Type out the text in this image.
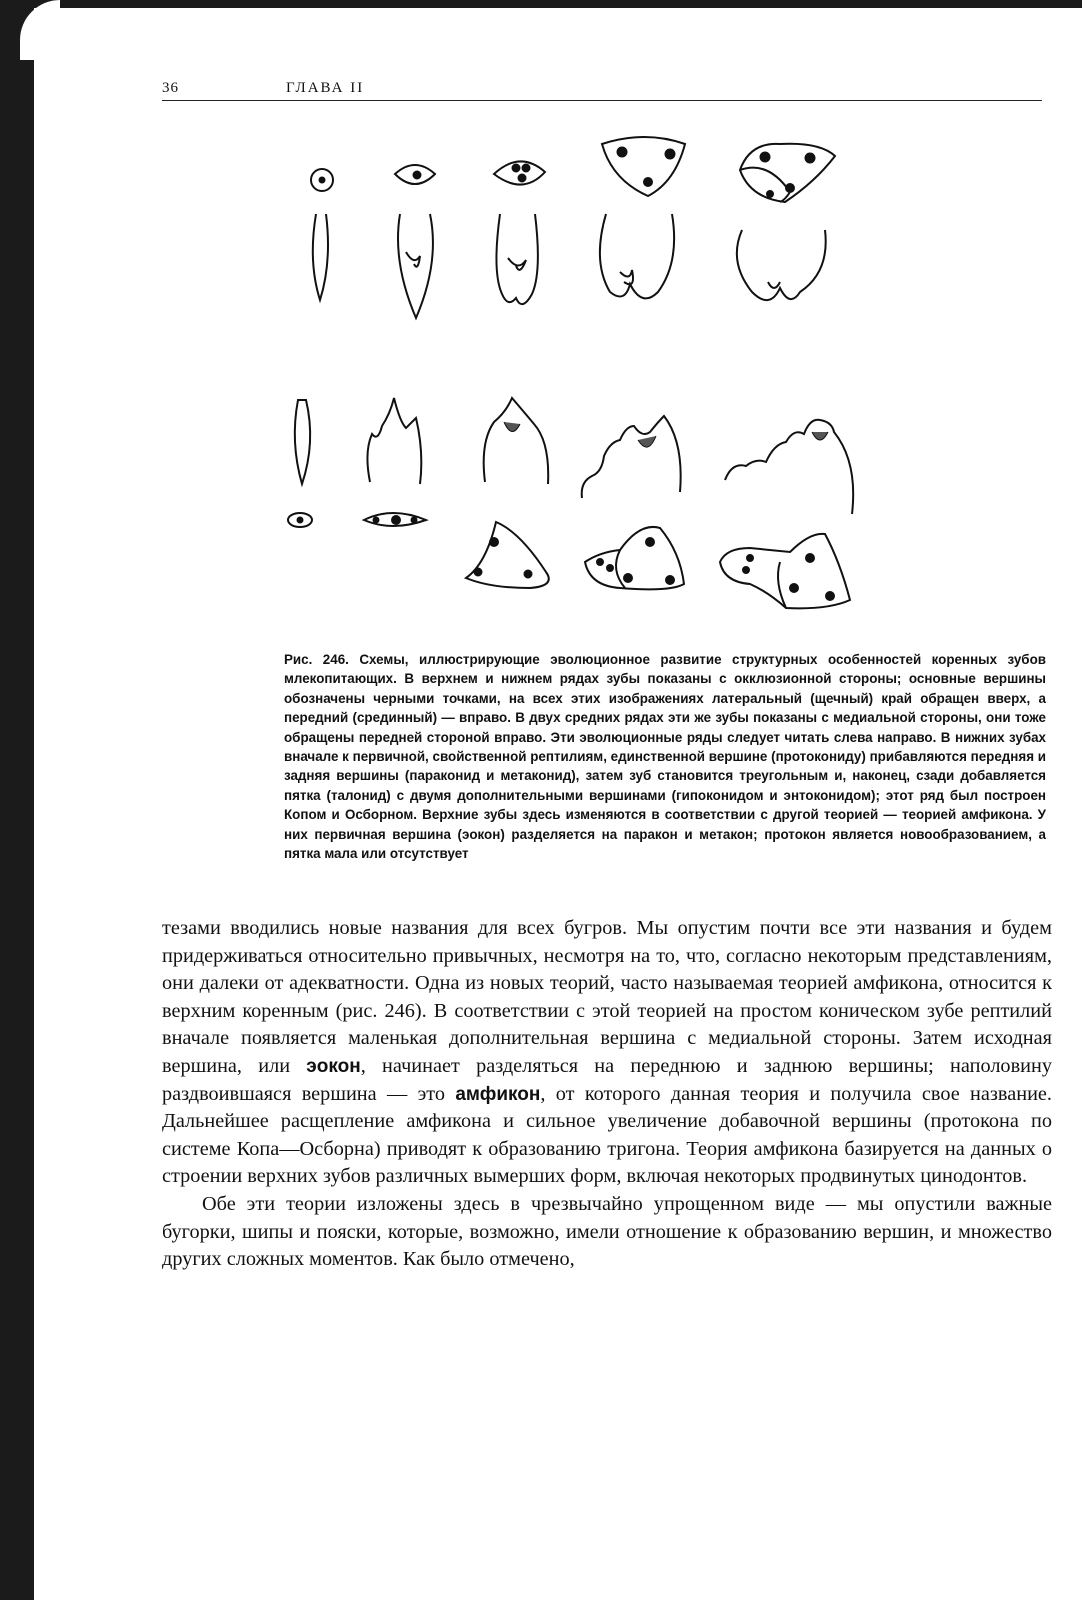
36	ГЛАВА II
Рис. 246. Схемы, иллюстрирующие эволюционное развитие структурных особенностей коренных зубов млекопитающих. В верхнем и нижнем рядах зубы показаны с окклюзионной стороны; основные вершины обозначены черными точками, на всех этих изображениях латеральный (щечный) край обращен вверх, а передний (срединный) — вправо. В двух средних рядах эти же зубы показаны с медиальной стороны, они тоже обращены передней стороной вправо. Эти эволюционные ряды следует читать слева направо. В нижних зубах вначале к первичной, свойственной рептилиям, единственной вершине (протокониду) прибавляются передняя и задняя вершины (параконид и метаконид), затем зуб становится треугольным и, наконец, сзади добавляется пятка (талонид) с двумя дополнительными вершинами (гипоконидом и энтоконидом); этот ряд был построен Копом и Осборном. Верхние зубы здесь изменяются в соответствии с другой теорией — теорией амфикона. У них первичная вершина (эокон) разделяется на паракон и метакон; протокон является новообразованием, а пятка мала или отсутствует

тезами вводились новые названия для всех бугров. Мы опустим почти все эти названия и будем придерживаться относительно привычных, несмотря на то, что, согласно некоторым представлениям, они далеки от адекватности. Одна из новых теорий, часто называемая теорией амфикона, относится к верхним коренным (рис. 246). В соответствии с этой теорией на простом коническом зубе рептилий вначале появляется маленькая дополнительная вершина с медиальной стороны. Затем исходная вершина, или эокон, начинает разделяться на переднюю и заднюю вершины; наполовину раздвоившаяся вершина — это амфикон, от которого данная теория и получила свое название. Дальнейшее расщепление амфикона и сильное увеличение добавочной вершины (протокона по системе Копа—Осборна) приводят к образованию тригона. Теория амфикона базируется на данных о строении верхних зубов различных вымерших форм, включая некоторых продвинутых цинодонтов.

Обе эти теории изложены здесь в чрезвычайно упрощенном виде — мы опустили важные бугорки, шипы и пояски, которые, возможно, имели отношение к образованию вершин, и множество других сложных моментов. Как было отмечено,
